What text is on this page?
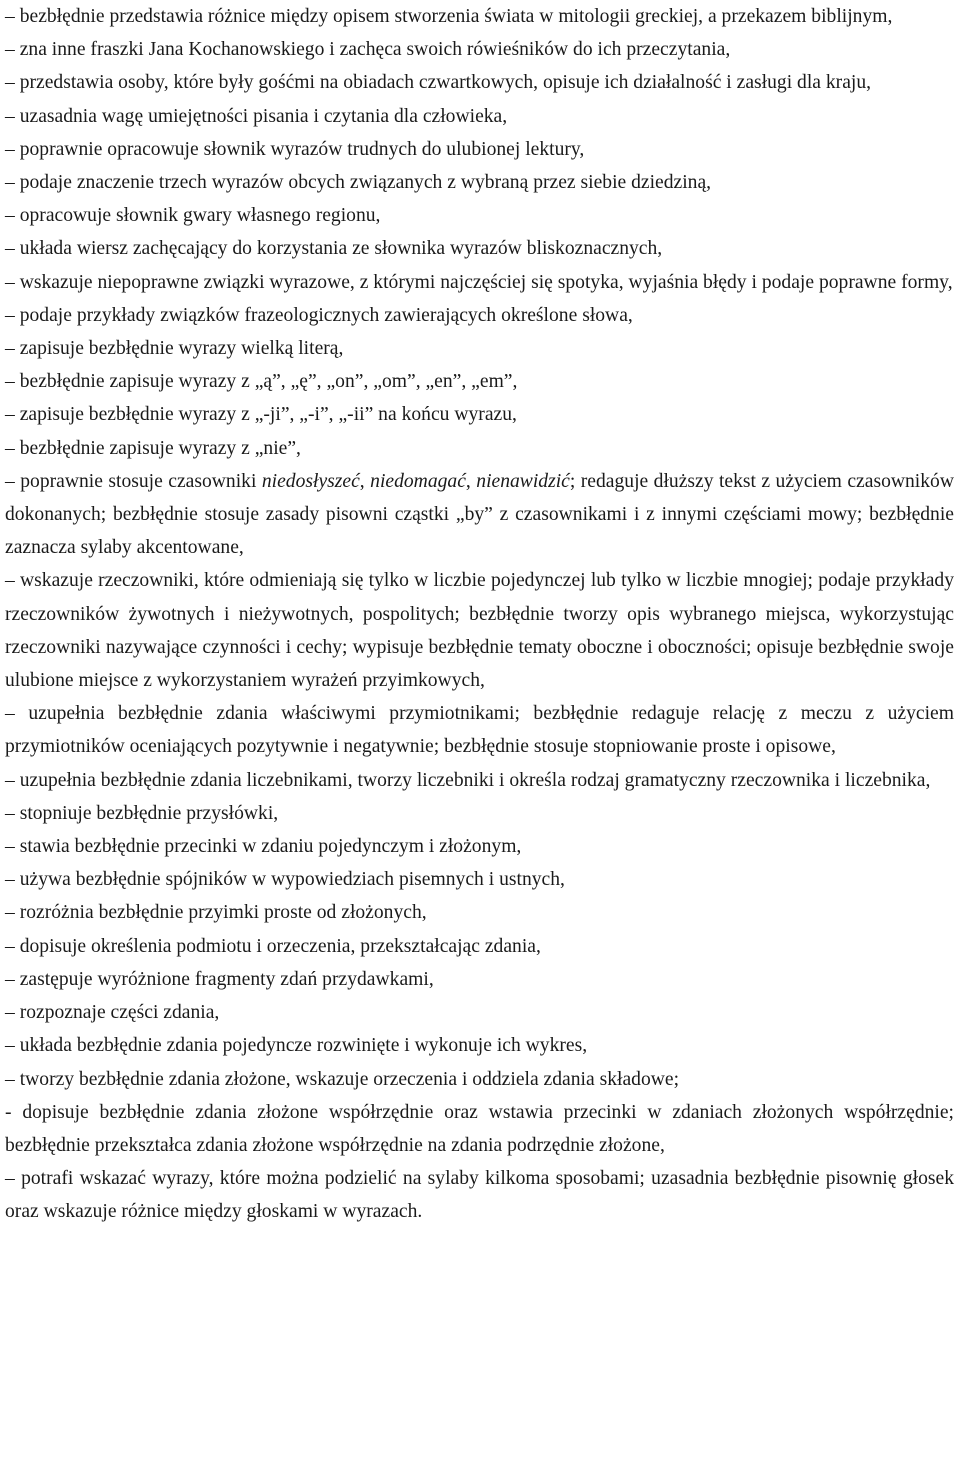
– bezbłędnie przedstawia różnice między opisem stworzenia świata w mitologii greckiej, a przekazem biblijnym,

– zna inne fraszki Jana Kochanowskiego i zachęca swoich rówieśników do ich przeczytania,

– przedstawia osoby, które były gośćmi na obiadach czwartkowych, opisuje ich działalność i zasługi dla kraju,

– uzasadnia wagę umiejętności pisania i czytania dla człowieka,

– poprawnie opracowuje słownik wyrazów trudnych do ulubionej lektury,

– podaje znaczenie trzech wyrazów obcych związanych z wybraną przez siebie dziedziną,

– opracowuje słownik gwary własnego regionu,

– układa wiersz zachęcający do korzystania ze słownika wyrazów bliskoznacznych,

– wskazuje niepoprawne związki wyrazowe, z którymi najczęściej się spotyka, wyjaśnia błędy i podaje poprawne formy,

– podaje przykłady związków frazeologicznych zawierających określone słowa,

– zapisuje bezbłędnie wyrazy wielką literą,

– bezbłędnie zapisuje wyrazy z „ą”, „ę”, „on”, „om”, „en”, „em”,

– zapisuje bezbłędnie wyrazy z „-ji”, „-i”, „-ii” na końcu wyrazu,

– bezbłędnie zapisuje wyrazy z „nie”,

– poprawnie stosuje czasowniki niedosłyszeć, niedomagać, nienawidzić; redaguje dłuższy tekst z użyciem czasowników dokonanych; bezbłędnie stosuje zasady pisowni cząstki „by” z czasownikami i z innymi częściami mowy; bezbłędnie zaznacza sylaby akcentowane,

– wskazuje rzeczowniki, które odmieniają się tylko w liczbie pojedynczej lub tylko w liczbie mnogiej; podaje przykłady rzeczowników żywotnych i nieżywotnych, pospolitych; bezbłędnie tworzy opis wybranego miejsca, wykorzystując rzeczowniki nazywające czynności i cechy; wypisuje bezbłędnie tematy oboczne i oboczności; opisuje bezbłędnie swoje ulubione miejsce z wykorzystaniem wyrażeń przyimkowych,

– uzupełnia bezbłędnie zdania właściwymi przymiotnikami; bezbłędnie redaguje relację z meczu z użyciem przymiotników oceniających pozytywnie i negatywnie; bezbłędnie stosuje stopniowanie proste i opisowe,

– uzupełnia bezbłędnie zdania liczebnikami, tworzy liczebniki i określa rodzaj gramatyczny rzeczownika i liczebnika,

– stopniuje bezbłędnie przysłówki,

– stawia bezbłędnie przecinki w zdaniu pojedynczym i złożonym,

– używa bezbłędnie spójników w wypowiedziach pisemnych i ustnych,

– rozróżnia bezbłędnie przyimki proste od złożonych,

– dopisuje określenia podmiotu i orzeczenia, przekształcając zdania,

– zastępuje wyróżnione fragmenty zdań przydawkami,

– rozpoznaje części zdania,

– układa bezbłędnie zdania pojedyncze rozwinięte i wykonuje ich wykres,

– tworzy bezbłędnie zdania złożone, wskazuje orzeczenia i oddziela zdania składowe;

- dopisuje bezbłędnie zdania złożone współrzędnie oraz wstawia przecinki w zdaniach złożonych współrzędnie; bezbłędnie przekształca zdania złożone współrzędnie na zdania podrzędnie złożone,

– potrafi wskazać wyrazy, które można podzielić na sylaby kilkoma sposobami; uzasadnia bezbłędnie pisownię głosek oraz wskazuje różnice między głoskami w wyrazach.
